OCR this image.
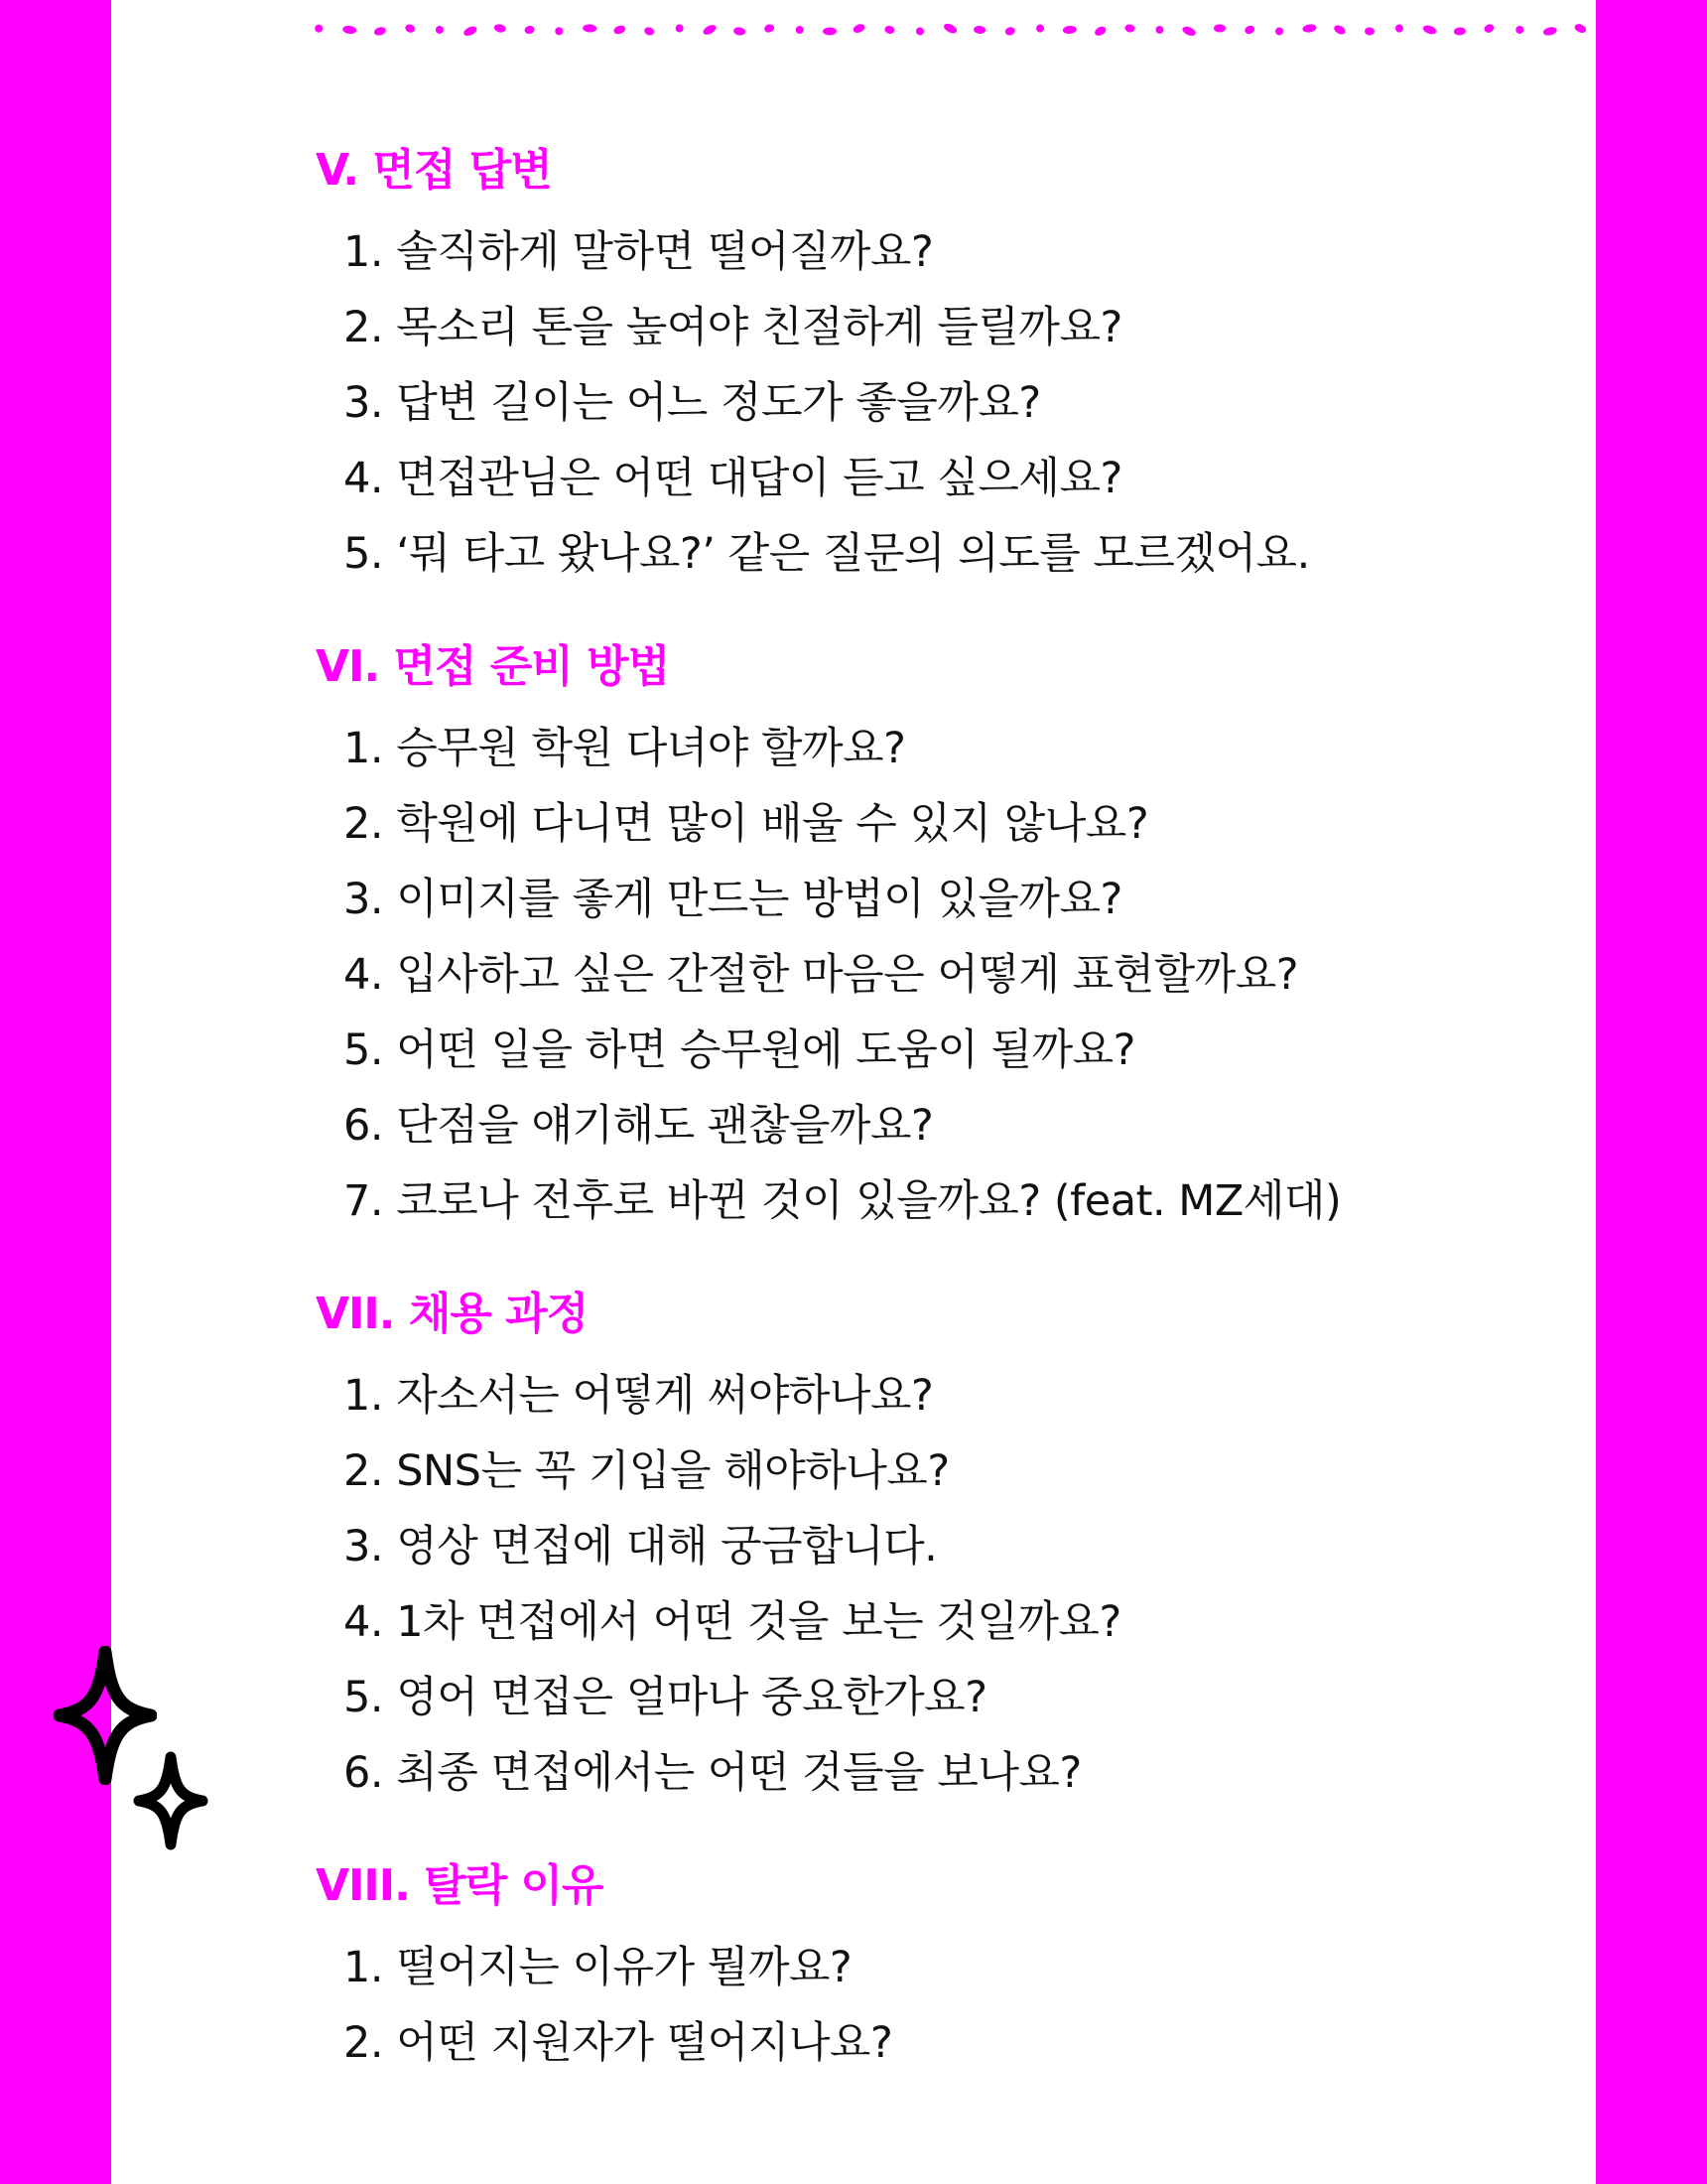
V. 면접 답변
1. 솔직하게 말하면 떨어질까요?
2. 목소리 톤을 높여야 친절하게 들릴까요?
3. 답변 길이는 어느 정도가 좋을까요?
4. 면접관님은 어떤 대답이 듣고 싶으세요?
5. ‘뭐 타고 왔나요?’ 같은 질문의 의도를 모르겠어요.
VI. 면접 준비 방법
1. 승무원 학원 다녀야 할까요?
2. 학원에 다니면 많이 배울 수 있지 않나요?
3. 이미지를 좋게 만드는 방법이 있을까요?
4. 입사하고 싶은 간절한 마음은 어떻게 표현할까요?
5. 어떤 일을 하면 승무원에 도움이 될까요?
6. 단점을 얘기해도 괜찮을까요?
7. 코로나 전후로 바뀐 것이 있을까요? (feat. MZ세대)
VII. 채용 과정
1. 자소서는 어떻게 써야하나요?
2. SNS는 꼭 기입을 해야하나요?
3. 영상 면접에 대해 궁금합니다.
4. 1차 면접에서 어떤 것을 보는 것일까요?
5. 영어 면접은 얼마나 중요한가요?
6. 최종 면접에서는 어떤 것들을 보나요?
VIII. 탈락 이유
1. 떨어지는 이유가 뭘까요?
2. 어떤 지원자가 떨어지나요?
